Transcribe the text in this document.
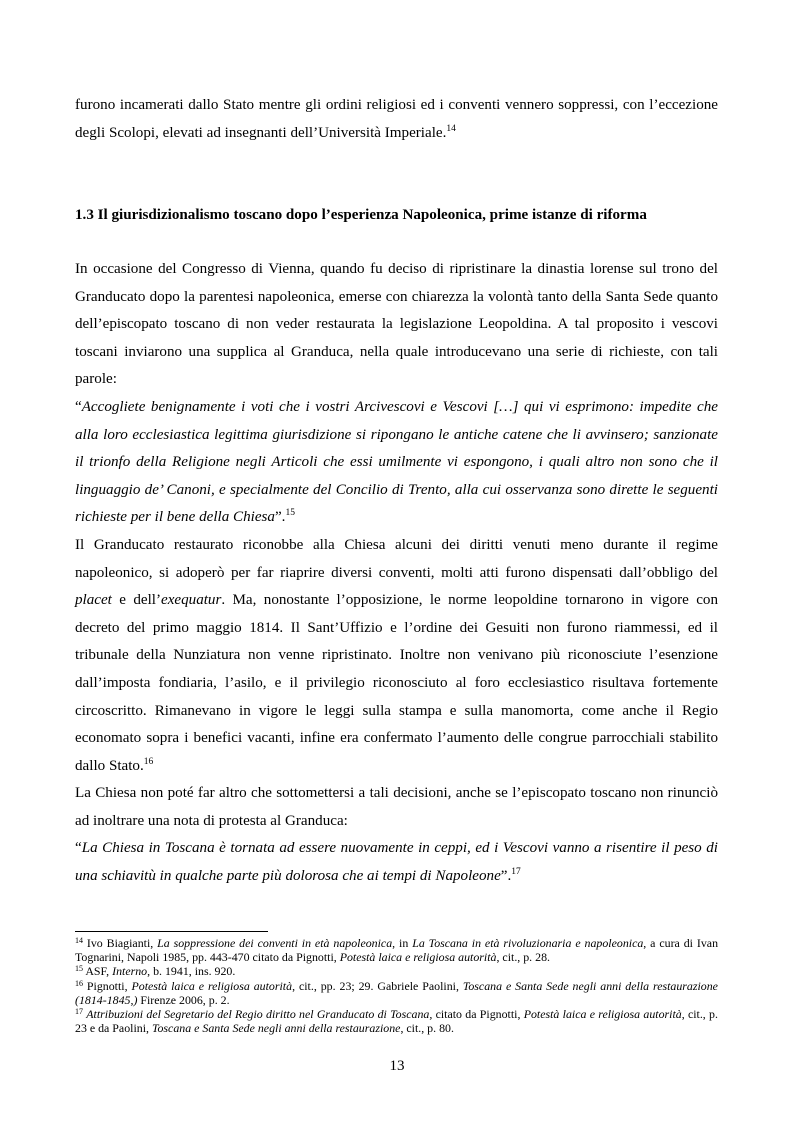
furono incamerati dallo Stato mentre gli ordini religiosi ed i conventi vennero soppressi, con l’eccezione degli Scolopi, elevati ad insegnanti dell’Università Imperiale.$^{14}$

1.3 Il giurisdizionalismo toscano dopo l’esperienza Napoleonica, prime istanze di riforma

In occasione del Congresso di Vienna, quando fu deciso di ripristinare la dinastia lorense sul trono del Granducato dopo la parentesi napoleonica, emerse con chiarezza la volontà tanto della Santa Sede quanto dell’episcopato toscano di non veder restaurata la legislazione Leopoldina. A tal proposito i vescovi toscani inviarono una supplica al Granduca, nella quale introducevano una serie di richieste, con tali parole:

“Accogliete benignamente i voti che i vostri Arcivescovi e Vescovi […] qui vi esprimono: impedite che alla loro ecclesiastica legittima giurisdizione si ripongano le antiche catene che li avvinsero; sanzionate il trionfo della Religione negli Articoli che essi umilmente vi espongono, i quali altro non sono che il linguaggio de’ Canoni, e specialmente del Concilio di Trento, alla cui osservanza sono dirette le seguenti richieste per il bene della Chiesa”.$^{15}$

Il Granducato restaurato riconobbe alla Chiesa alcuni dei diritti venuti meno durante il regime napoleonico, si adoperò per far riaprire diversi conventi, molti atti furono dispensati dall’obbligo del placet e dell’exequatur. Ma, nonostante l’opposizione, le norme leopoldine tornarono in vigore con decreto del primo maggio 1814. Il Sant’Uffizio e l’ordine dei Gesuiti non furono riammessi, ed il tribunale della Nunziatura non venne ripristinato. Inoltre non venivano più riconosciute l’esenzione dall’imposta fondiaria, l’asilo, e il privilegio riconosciuto al foro ecclesiastico risultava fortemente circoscritto. Rimanevano in vigore le leggi sulla stampa e sulla manomorta, come anche il Regio economato sopra i benefici vacanti, infine era confermato l’aumento delle congrue parrocchiali stabilito dallo Stato.$^{16}$

La Chiesa non poté far altro che sottomettersi a tali decisioni, anche se l’episcopato toscano non rinunciò ad inoltrare una nota di protesta al Granduca:

“La Chiesa in Toscana è tornata ad essere nuovamente in ceppi, ed i Vescovi vanno a risentire il peso di una schiavitù in qualche parte più dolorosa che ai tempi di Napoleone”.$^{17}$

$^{14}$ Ivo Biagianti, La soppressione dei conventi in età napoleonica, in La Toscana in età rivoluzionaria e napoleonica, a cura di Ivan Tognarini, Napoli 1985, pp. 443-470 citato da Pignotti, Potestà laica e religiosa autorità, cit., p. 28.

$^{15}$ ASF, Interno, b. 1941, ins. 920.

$^{16}$ Pignotti, Potestà laica e religiosa autorità, cit., pp. 23; 29. Gabriele Paolini, Toscana e Santa Sede negli anni della restaurazione (1814-1845,) Firenze 2006, p. 2.

$^{17}$ Attribuzioni del Segretario del Regio diritto nel Granducato di Toscana, citato da Pignotti, Potestà laica e religiosa autorità, cit., p. 23 e da Paolini, Toscana e Santa Sede negli anni della restaurazione, cit., p. 80.

13
